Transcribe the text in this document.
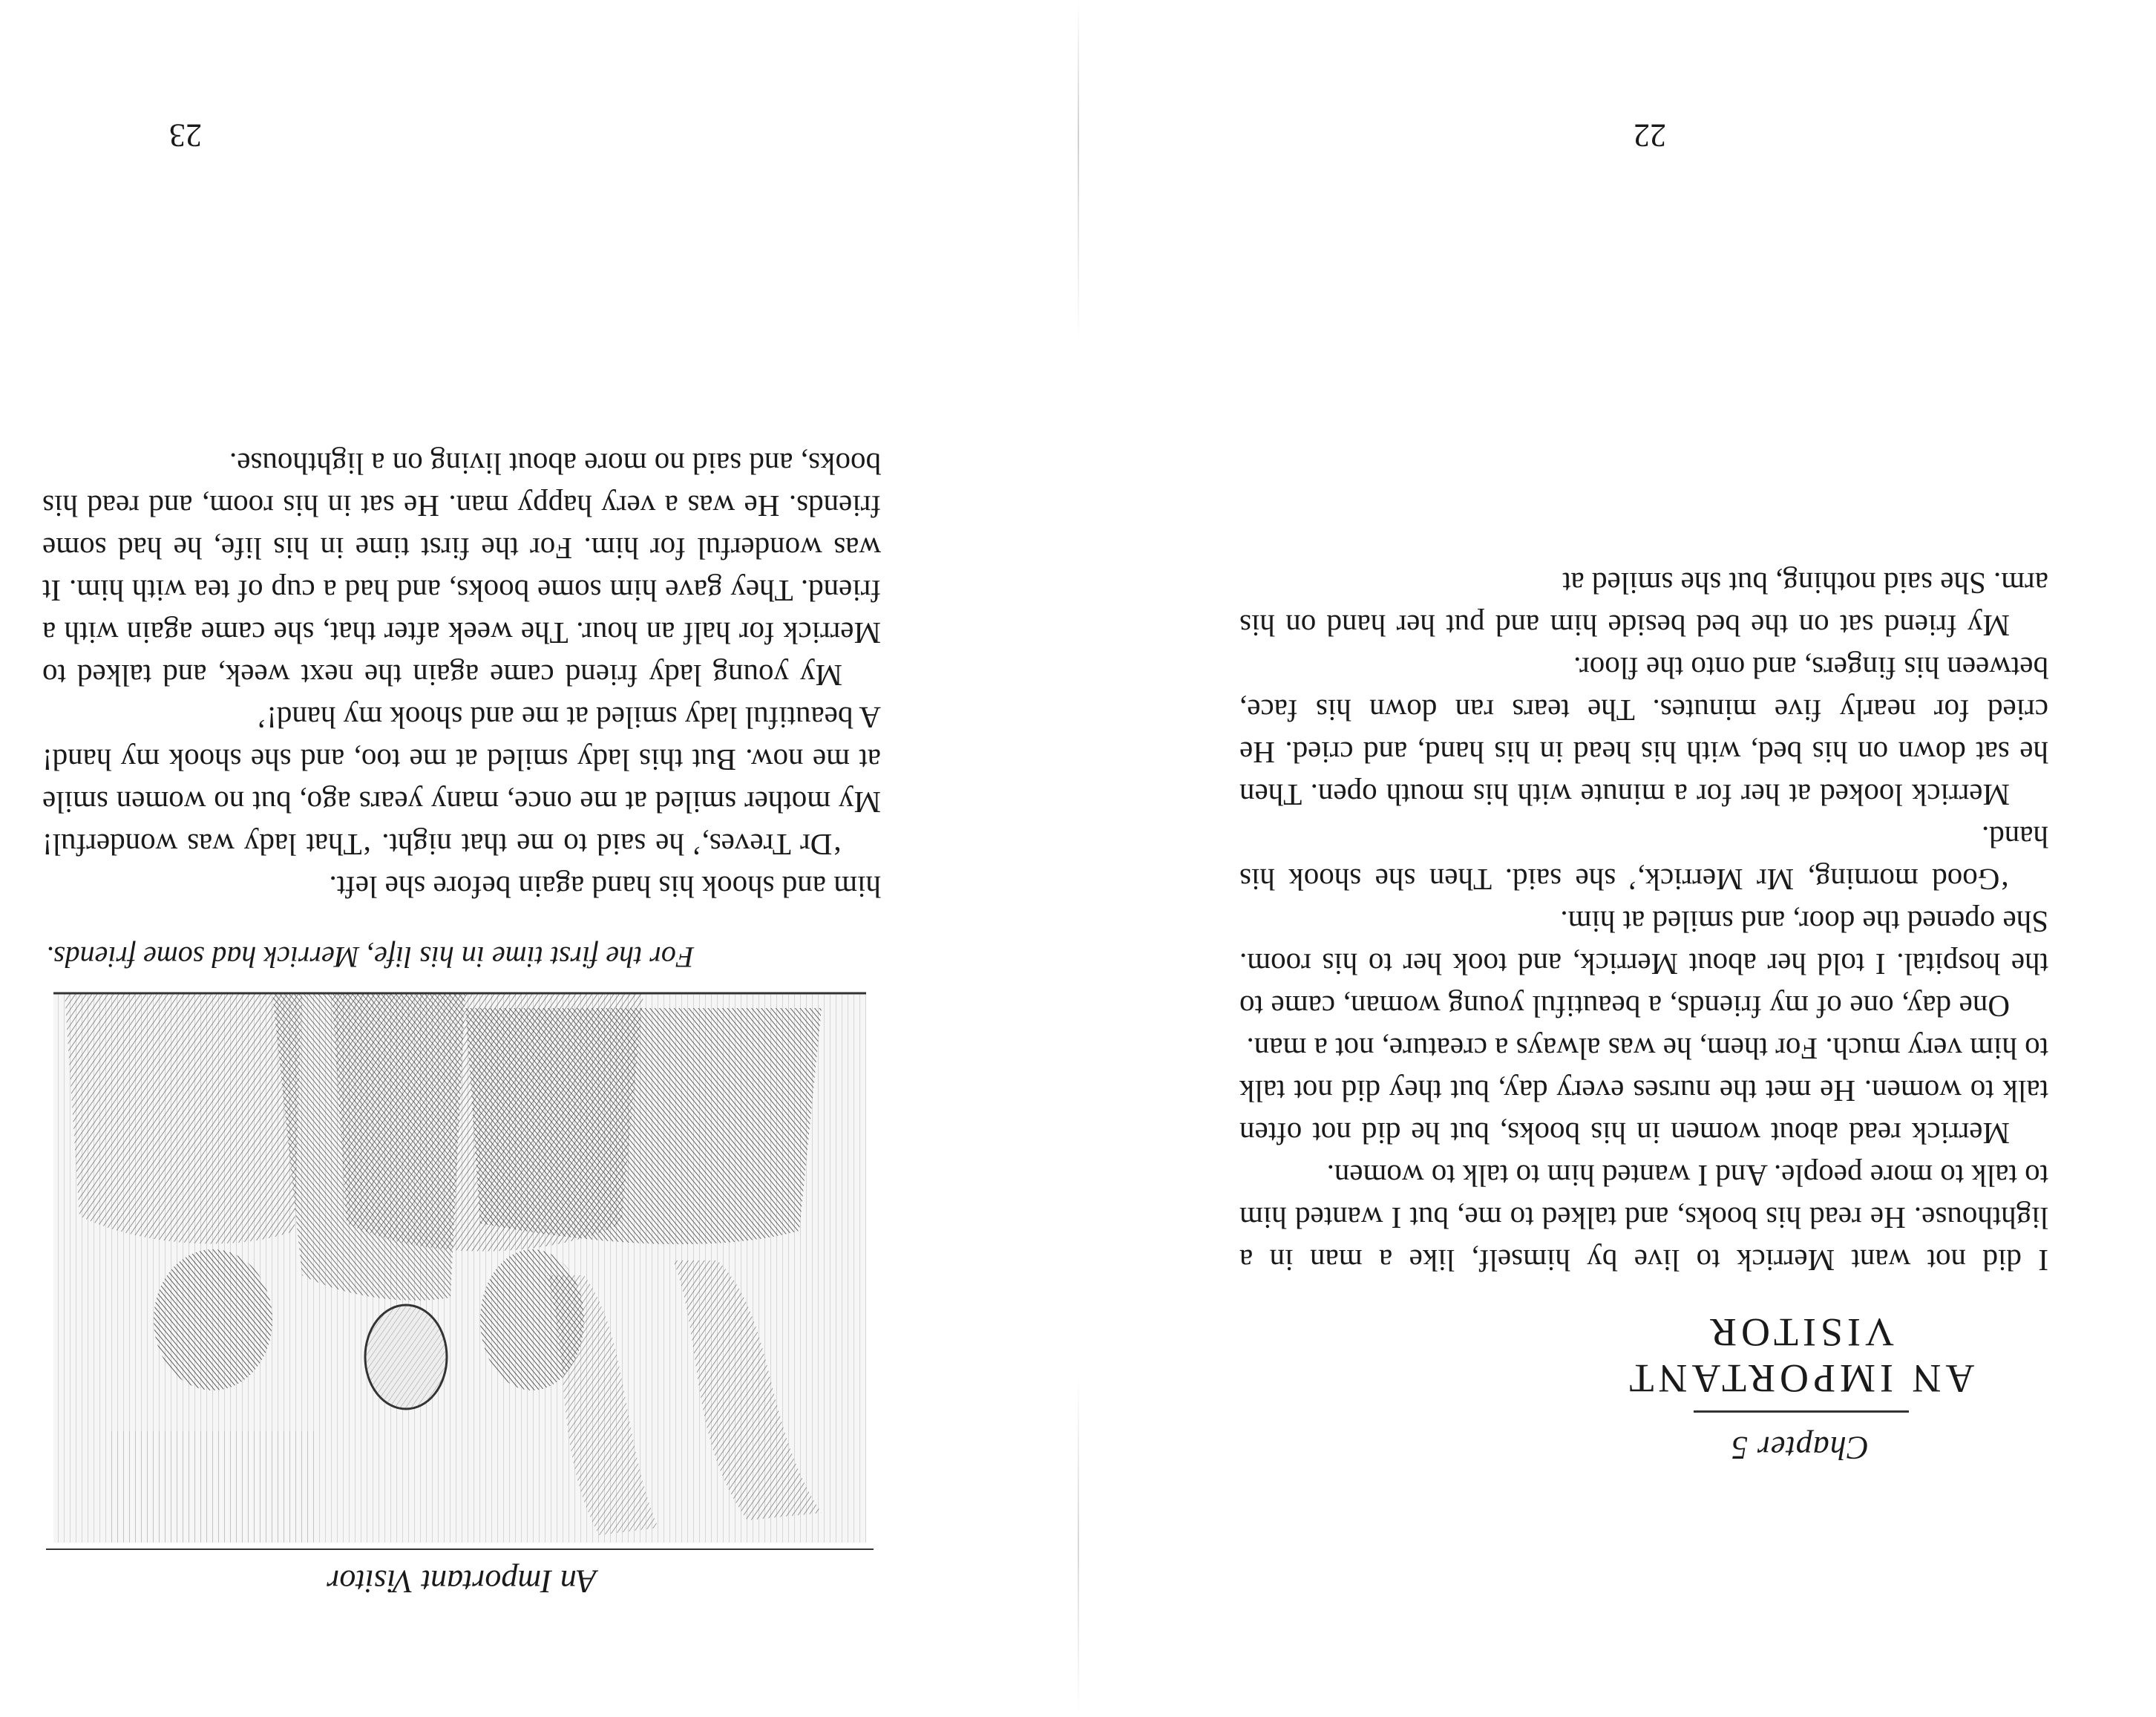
Chapter 5
AN IMPORTANT VISITOR

I did not want Merrick to live by himself, like a man in a lighthouse. He read his books, and talked to me, but I wanted him to talk to more people. And I wanted him to talk to women.

Merrick read about women in his books, but he did not often talk to women. He met the nurses every day, but they did not talk to him very much. For them, he was always a creature, not a man.

One day, one of my friends, a beautiful young woman, came to the hospital. I told her about Merrick, and took her to his room. She opened the door, and smiled at him.

‘Good morning, Mr Merrick,’ she said. Then she shook his hand.

Merrick looked at her for a minute with his mouth open. Then he sat down on his bed, with his head in his hand, and cried. He cried for nearly five minutes. The tears ran down his face, between his fingers, and onto the floor.

My friend sat on the bed beside him and put her hand on his arm. She said nothing, but she smiled at

22
An Important Visitor
For the first time in his life, Merrick had some friends.

him and shook his hand again before she left.

‘Dr Treves,’ he said to me that night. ‘That lady was wonderful! My mother smiled at me once, many years ago, but no women smile at me now. But this lady smiled at me too, and she shook my hand! A beautiful lady smiled at me and shook my hand!’

My young lady friend came again the next week, and talked to Merrick for half an hour. The week after that, she came again with a friend. They gave him some books, and had a cup of tea with him. It was wonderful for him. For the first time in his life, he had some friends. He was a very happy man. He sat in his room, and read his books, and said no more about living on a lighthouse.

23
